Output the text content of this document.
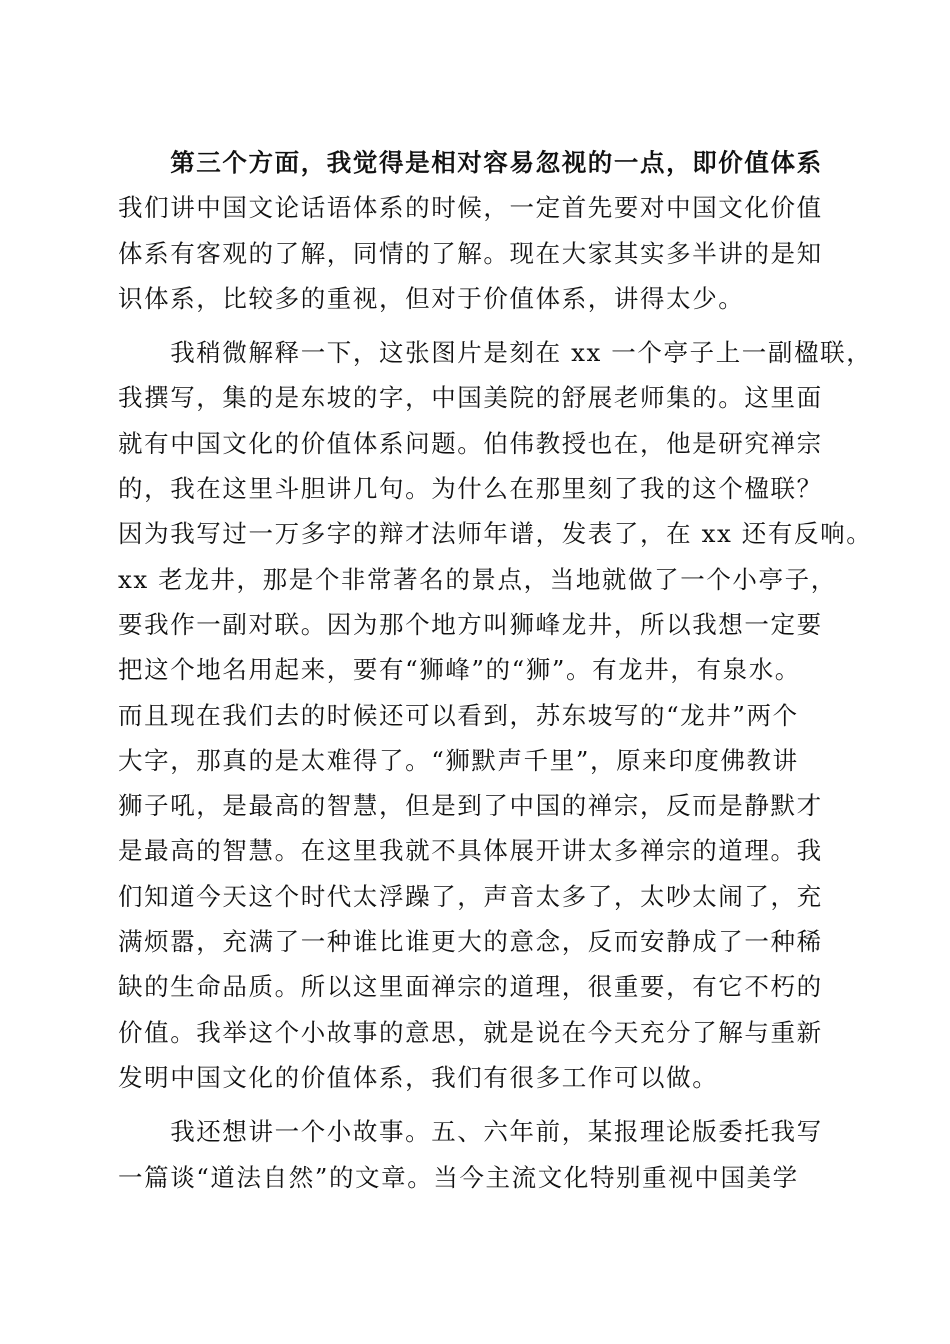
　　第三个方面，我觉得是相对容易忽视的一点，即价值体系
我们讲中国文论话语体系的时候，一定首先要对中国文化价值
体系有客观的了解，同情的了解。现在大家其实多半讲的是知
识体系，比较多的重视，但对于价值体系，讲得太少。
　　我稍微解释一下，这张图片是刻在 xx 一个亭子上一副楹联，
我撰写，集的是东坡的字，中国美院的舒展老师集的。这里面
就有中国文化的价值体系问题。伯伟教授也在，他是研究禅宗
的，我在这里斗胆讲几句。为什么在那里刻了我的这个楹联？
因为我写过一万多字的辩才法师年谱，发表了，在 xx 还有反响。
xx 老龙井，那是个非常著名的景点，当地就做了一个小亭子，
要我作一副对联。因为那个地方叫狮峰龙井，所以我想一定要
把这个地名用起来，要有“狮峰”的“狮”。有龙井，有泉水。
而且现在我们去的时候还可以看到，苏东坡写的“龙井”两个
大字，那真的是太难得了。“狮默声千里”，原来印度佛教讲
狮子吼，是最高的智慧，但是到了中国的禅宗，反而是静默才
是最高的智慧。在这里我就不具体展开讲太多禅宗的道理。我
们知道今天这个时代太浮躁了，声音太多了，太吵太闹了，充
满烦嚣，充满了一种谁比谁更大的意念，反而安静成了一种稀
缺的生命品质。所以这里面禅宗的道理，很重要，有它不朽的
价值。我举这个小故事的意思，就是说在今天充分了解与重新
发明中国文化的价值体系，我们有很多工作可以做。
　　我还想讲一个小故事。五、六年前，某报理论版委托我写
一篇谈“道法自然”的文章。当今主流文化特别重视中国美学
